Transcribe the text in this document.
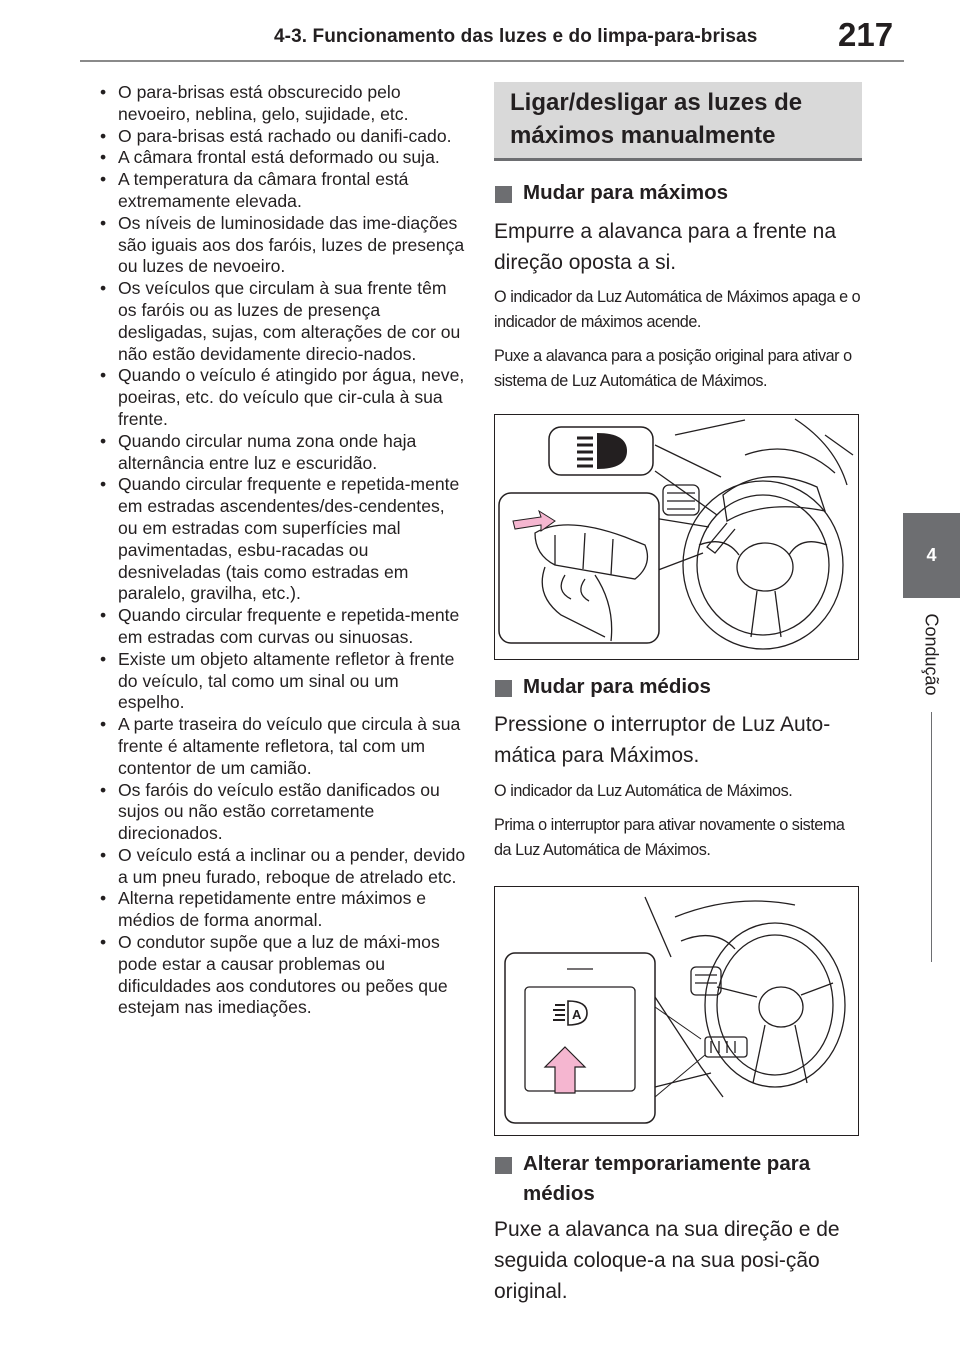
4-3. Funcionamento das luzes e do limpa-para-brisas 217
4
Condução
• O para-brisas está obscurecido pelo nevoeiro, neblina, gelo, sujidade, etc.
• O para-brisas está rachado ou danifi-cado.
• A câmara frontal está deformado ou suja.
• A temperatura da câmara frontal está extremamente elevada.
• Os níveis de luminosidade das ime-diações são iguais aos dos faróis, luzes de presença ou luzes de nevoeiro.
• Os veículos que circulam à sua frente têm os faróis ou as luzes de presença desligadas, sujas, com alterações de cor ou não estão devidamente direcio-nados.
• Quando o veículo é atingido por água, neve, poeiras, etc. do veículo que cir-cula à sua frente.
• Quando circular numa zona onde haja alternância entre luz e escuridão.
• Quando circular frequente e repetida-mente em estradas ascendentes/des-cendentes, ou em estradas com superfícies mal pavimentadas, esbu-racadas ou desniveladas (tais como estradas em paralelo, gravilha, etc.).
• Quando circular frequente e repetida-mente em estradas com curvas ou sinuosas.
• Existe um objeto altamente refletor à frente do veículo, tal como um sinal ou um espelho.
• A parte traseira do veículo que circula à sua frente é altamente refletora, tal com um contentor de um camião.
• Os faróis do veículo estão danificados ou sujos ou não estão corretamente direcionados.
• O veículo está a inclinar ou a pender, devido a um pneu furado, reboque de atrelado etc.
• Alterna repetidamente entre máximos e médios de forma anormal.
• O condutor supõe que a luz de máxi-mos pode estar a causar problemas ou dificuldades aos condutores ou peões que estejam nas imediações.
Ligar/desligar as luzes de máximos manualmente
Mudar para máximos

Empurre a alavanca para a frente na direção oposta a si.

O indicador da Luz Automática de Máximos apaga e o indicador de máximos acende.

Puxe a alavanca para a posição original para ativar o sistema de Luz Automática de Máximos.

Mudar para médios

Pressione o interruptor de Luz Auto-mática para Máximos.

O indicador da Luz Automática de Máximos.

Prima o interruptor para ativar novamente o sistema da Luz Automática de Máximos.

A
Alterar temporariamente para médios

Puxe a alavanca na sua direção e de seguida coloque-a na sua posi-ção original.
